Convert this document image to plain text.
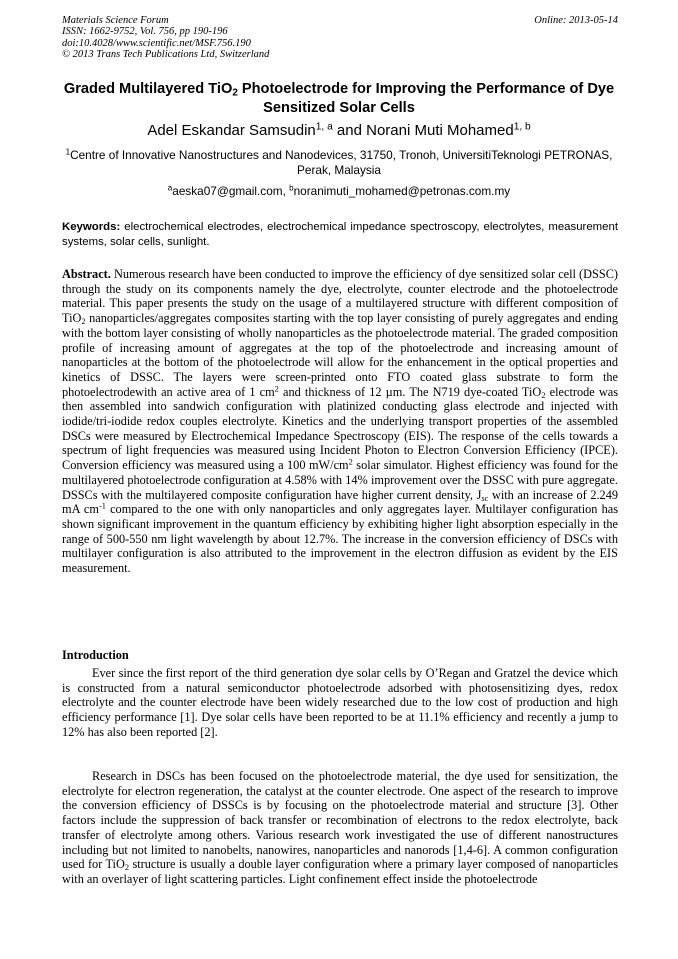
Materials Science Forum
ISSN: 1662-9752, Vol. 756, pp 190-196
doi:10.4028/www.scientific.net/MSF.756.190
© 2013 Trans Tech Publications Ltd, Switzerland
Online: 2013-05-14
Graded Multilayered TiO$_2$ Photoelectrode for Improving the Performance of Dye Sensitized Solar Cells
Adel Eskandar Samsudin$^{1, a}$ and Norani Muti Mohamed$^{1, b}$
$^1$Centre of Innovative Nanostructures and Nanodevices, 31750, Tronoh, UniversitiTeknologi PETRONAS, Perak, Malaysia
$^a$aeska07@gmail.com, $^b$noranimuti_mohamed@petronas.com.my
Keywords: electrochemical electrodes, electrochemical impedance spectroscopy, electrolytes, measurement systems, solar cells, sunlight.
Abstract. Numerous research have been conducted to improve the efficiency of dye sensitized solar cell (DSSC) through the study on its components namely the dye, electrolyte, counter electrode and the photoelectrode material. This paper presents the study on the usage of a multilayered structure with different composition of TiO$_2$ nanoparticles/aggregates composites starting with the top layer consisting of purely aggregates and ending with the bottom layer consisting of wholly nanoparticles as the photoelectrode material. The graded composition profile of increasing amount of aggregates at the top of the photoelectrode and increasing amount of nanoparticles at the bottom of the photoelectrode will allow for the enhancement in the optical properties and kinetics of DSSC. The layers were screen-printed onto FTO coated glass substrate to form the photoelectrodewith an active area of 1 $cm^2$ and thickness of 12 µm. The N719 dye-coated TiO$_2$ electrode was then assembled into sandwich configuration with platinized conducting glass electrode and injected with iodide/tri-iodide redox couples electrolyte. Kinetics and the underlying transport properties of the assembled DSCs were measured by Electrochemical Impedance Spectroscopy (EIS). The response of the cells towards a spectrum of light frequencies was measured using Incident Photon to Electron Conversion Efficiency (IPCE). Conversion efficiency was measured using a 100 $mW/cm^2$ solar simulator. Highest efficiency was found for the multilayered photoelectrode configuration at 4.58% with 14% improvement over the DSSC with pure aggregate. DSSCs with the multilayered composite configuration have higher current density, $J_{sc}$ with an increase of 2.249 mA $cm^{-1}$ compared to the one with only nanoparticles and only aggregates layer. Multilayer configuration has shown significant improvement in the quantum efficiency by exhibiting higher light absorption especially in the range of 500-550 nm light wavelength by about 12.7%. The increase in the conversion efficiency of DSCs with multilayer configuration is also attributed to the improvement in the electron diffusion as evident by the EIS measurement.
Introduction
Ever since the first report of the third generation dye solar cells by O’Regan and Gratzel the device which is constructed from a natural semiconductor photoelectrode adsorbed with photosensitizing dyes, redox electrolyte and the counter electrode have been widely researched due to the low cost of production and high efficiency performance [1]. Dye solar cells have been reported to be at 11.1% efficiency and recently a jump to 12% has also been reported [2].
Research in DSCs has been focused on the photoelectrode material, the dye used for sensitization, the electrolyte for electron regeneration, the catalyst at the counter electrode. One aspect of the research to improve the conversion efficiency of DSSCs is by focusing on the photoelectrode material and structure [3]. Other factors include the suppression of back transfer or recombination of electrons to the redox electrolyte, back transfer of electrolyte among others. Various research work investigated the use of different nanostructures including but not limited to nanobelts, nanowires, nanoparticles and nanorods [1,4-6]. A common configuration used for TiO$_2$ structure is usually a double layer configuration where a primary layer composed of nanoparticles with an overlayer of light scattering particles. Light confinement effect inside the photoelectrode
